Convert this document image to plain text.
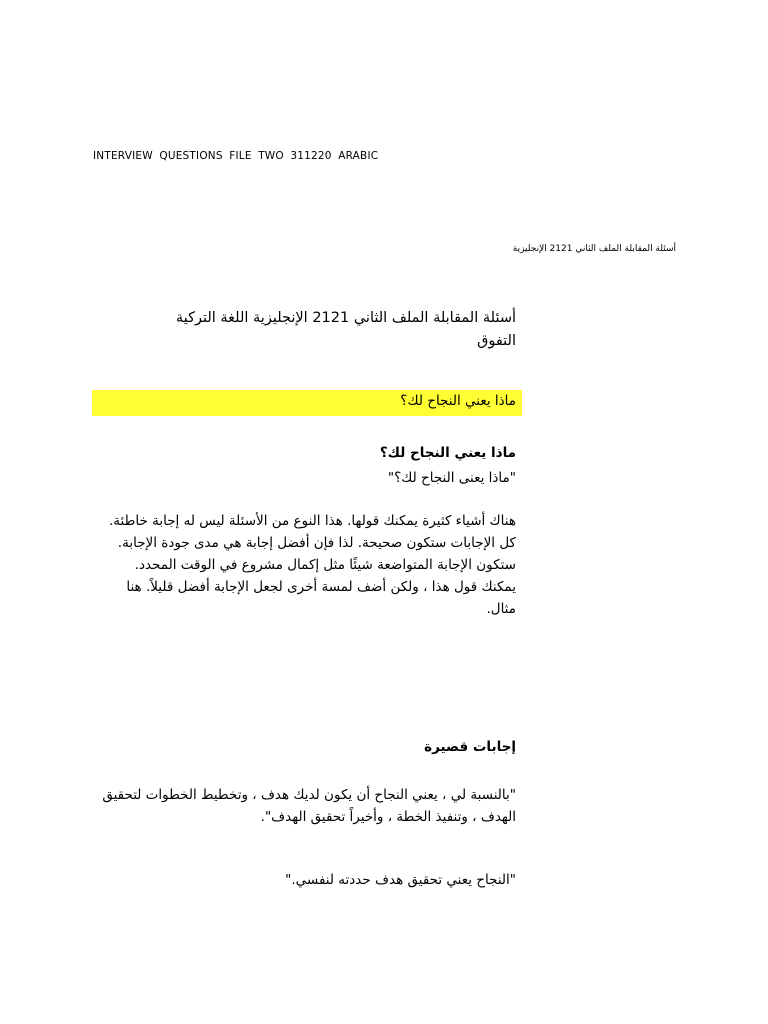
INTERVIEW QUESTIONS FILE TWO 311220 ARABIC
أسئلة المقابلة الملف الثاني 2121 الإنجليزية
أسئلة المقابلة الملف الثاني 2121 الإنجليزية اللغة التركية التفوق
ماذا يعني النجاح لك؟
ماذا يعني النجاح لك؟
"ماذا يعنى النجاح لك؟"
هناك أشياء كثيرة يمكنك قولها. هذا النوع من الأسئلة ليس له إجابة خاطئة. كل الإجابات ستكون صحيحة. لذا فإن أفضل إجابة هي مدى جودة الإجابة. ستكون الإجابة المتواضعة شيئًا مثل إكمال مشروع في الوقت المحدد. يمكنك قول هذا ، ولكن أضف لمسة أخرى لجعل الإجابة أفضل قليلاً. هنا مثال.
إجابات قصيرة
"بالنسبة لي ، يعني النجاح أن يكون لديك هدف ، وتخطيط الخطوات لتحقيق الهدف ، وتنفيذ الخطة ، وأخيراً تحقيق الهدف".
"النجاح يعني تحقيق هدف حددته لنفسي."
